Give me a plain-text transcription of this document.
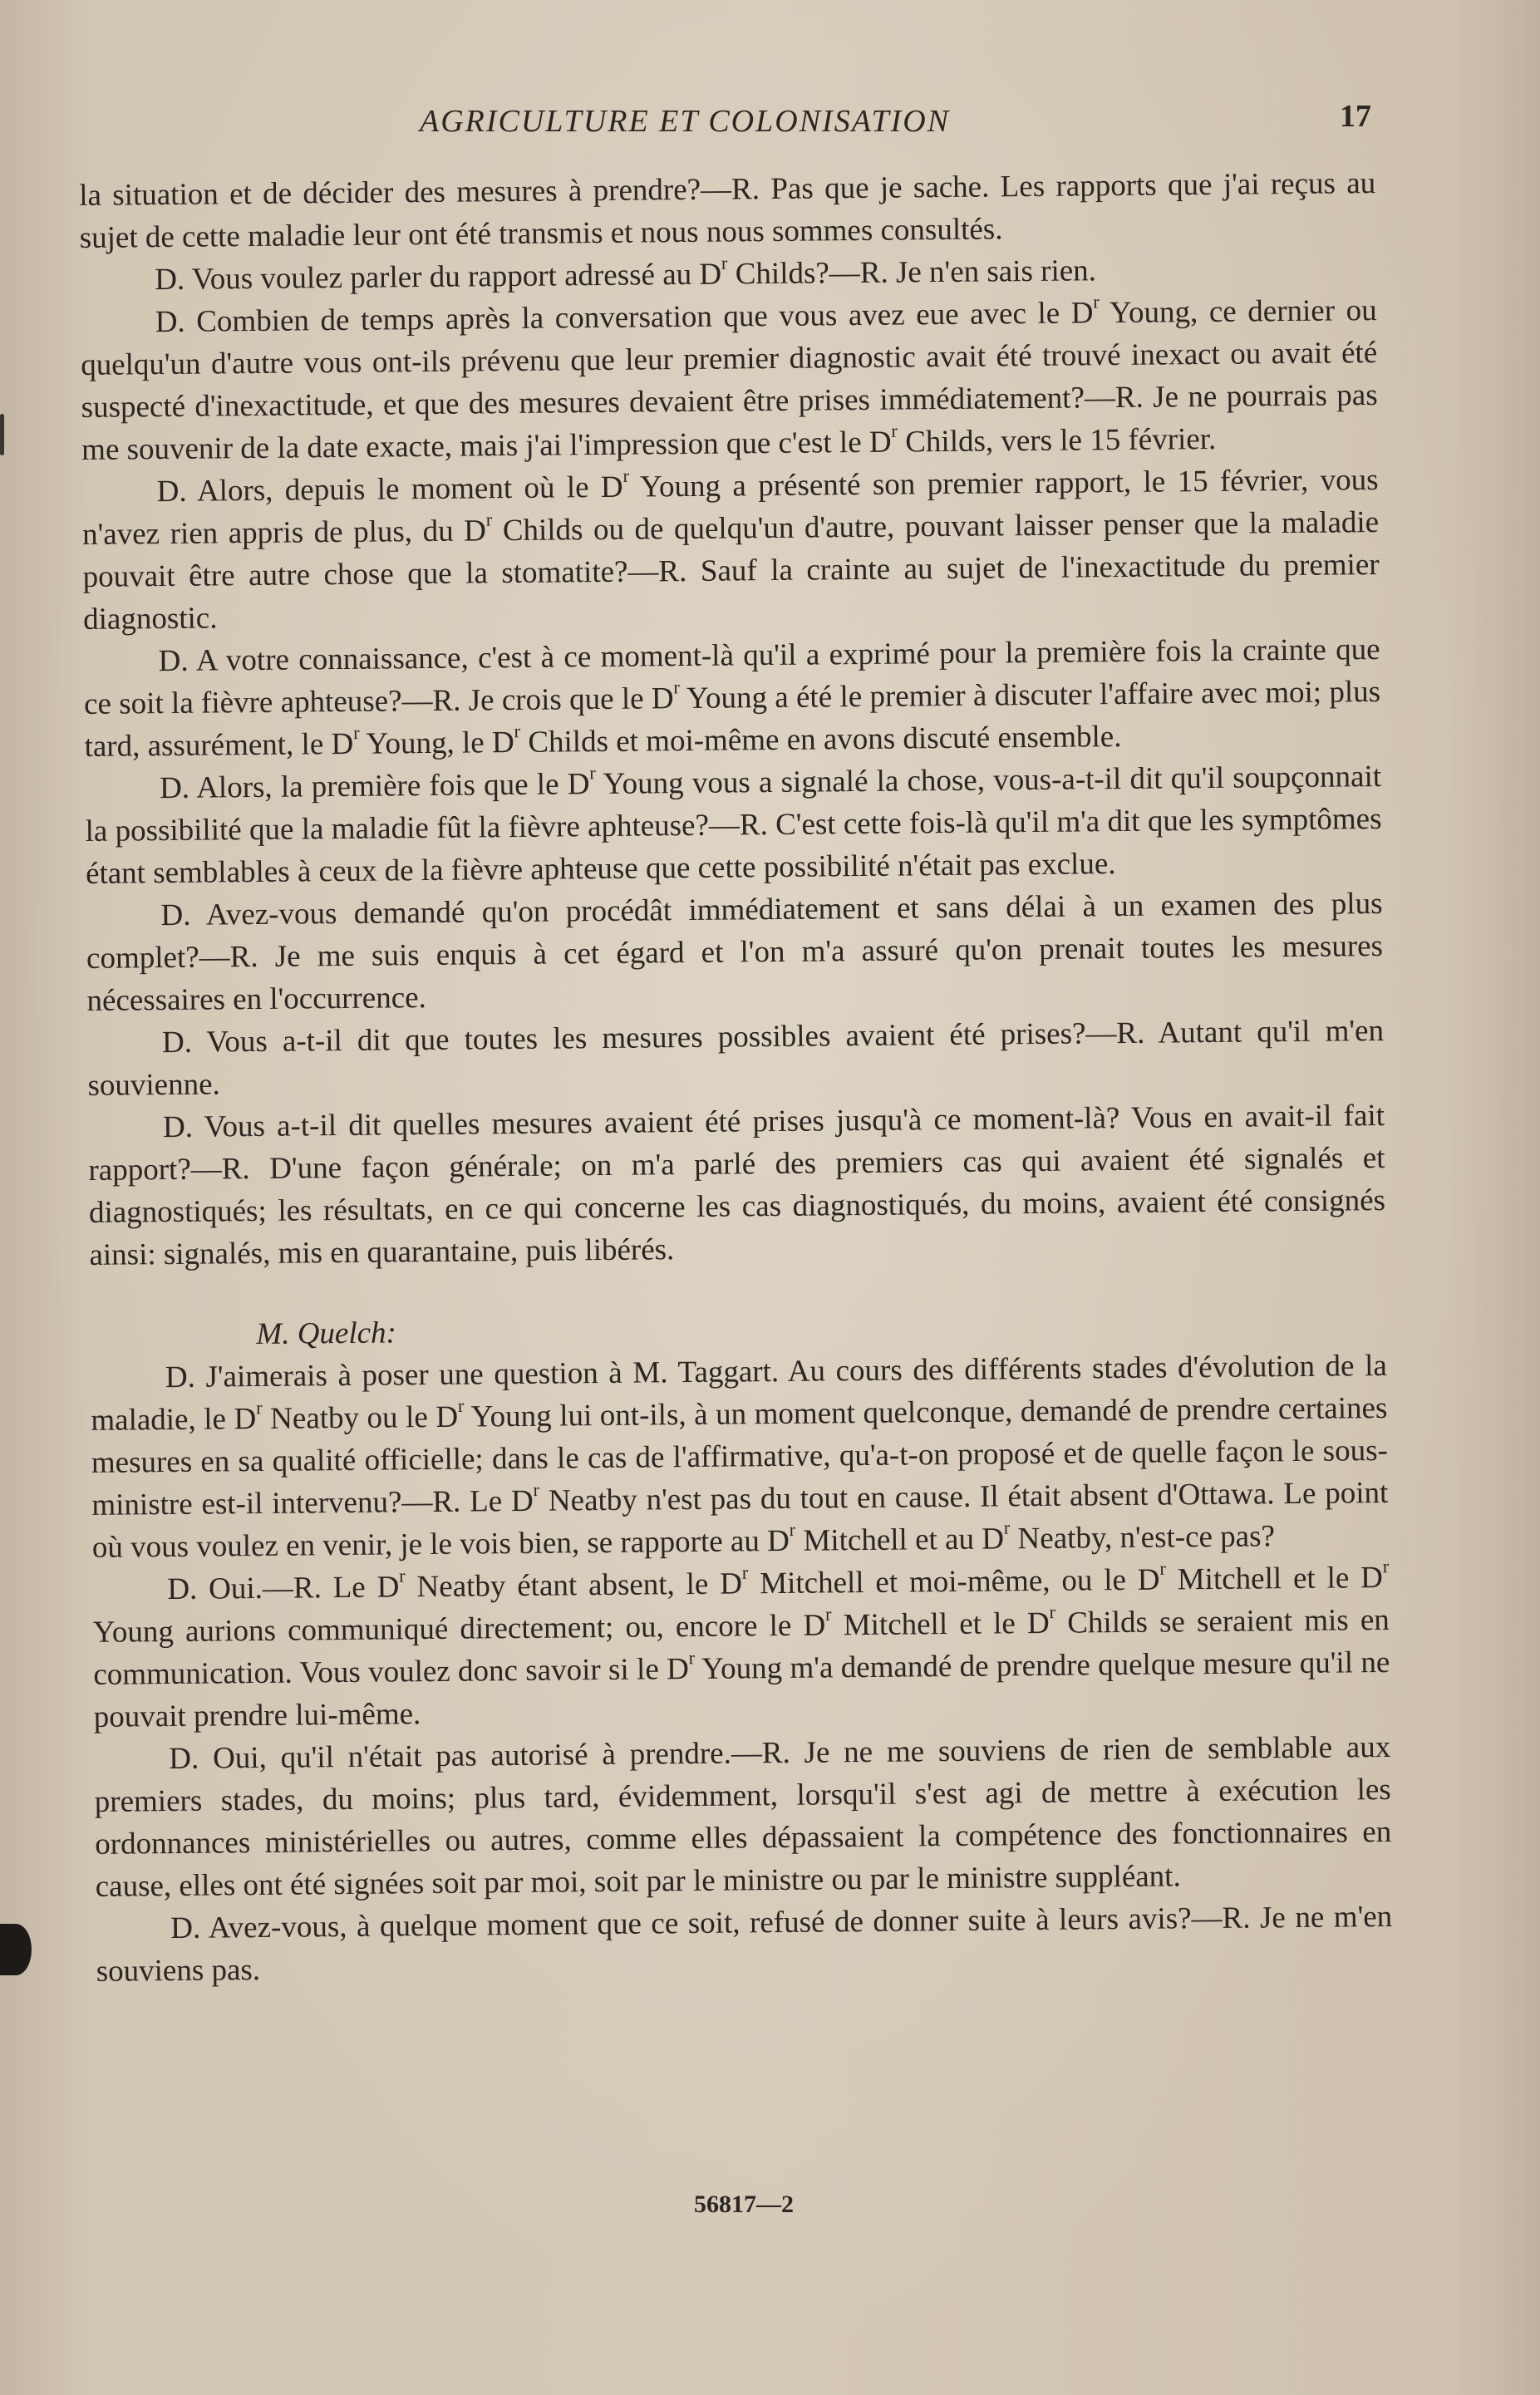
AGRICULTURE ET COLONISATION	17

la situation et de décider des mesures à prendre?—R. Pas que je sache. Les rapports que j'ai reçus au sujet de cette maladie leur ont été transmis et nous nous sommes consultés.

D. Vous voulez parler du rapport adressé au $D^r$ Childs?—R. Je n'en sais rien.

D. Combien de temps après la conversation que vous avez eue avec le $D^r$ Young, ce dernier ou quelqu'un d'autre vous ont-ils prévenu que leur premier diagnostic avait été trouvé inexact ou avait été suspecté d'inexactitude, et que des mesures devaient être prises immédiatement?—R. Je ne pourrais pas me souvenir de la date exacte, mais j'ai l'impression que c'est le $D^r$ Childs, vers le 15 février.

D. Alors, depuis le moment où le $D^r$ Young a présenté son premier rapport, le 15 février, vous n'avez rien appris de plus, du $D^r$ Childs ou de quelqu'un d'autre, pouvant laisser penser que la maladie pouvait être autre chose que la stomatite?—R. Sauf la crainte au sujet de l'inexactitude du premier diagnostic.

D. A votre connaissance, c'est à ce moment-là qu'il a exprimé pour la première fois la crainte que ce soit la fièvre aphteuse?—R. Je crois que le $D^r$ Young a été le premier à discuter l'affaire avec moi; plus tard, assurément, le $D^r$ Young, le $D^r$ Childs et moi-même en avons discuté ensemble.

D. Alors, la première fois que le $D^r$ Young vous a signalé la chose, vous-a-t-il dit qu'il soupçonnait la possibilité que la maladie fût la fièvre aphteuse?—R. C'est cette fois-là qu'il m'a dit que les symptômes étant semblables à ceux de la fièvre aphteuse que cette possibilité n'était pas exclue.

D. Avez-vous demandé qu'on procédât immédiatement et sans délai à un examen des plus complet?—R. Je me suis enquis à cet égard et l'on m'a assuré qu'on prenait toutes les mesures nécessaires en l'occurrence.

D. Vous a-t-il dit que toutes les mesures possibles avaient été prises?—R. Autant qu'il m'en souvienne.

D. Vous a-t-il dit quelles mesures avaient été prises jusqu'à ce moment-là? Vous en avait-il fait rapport?—R. D'une façon générale; on m'a parlé des premiers cas qui avaient été signalés et diagnostiqués; les résultats, en ce qui concerne les cas diagnostiqués, du moins, avaient été consignés ainsi: signalés, mis en quarantaine, puis libérés.

M. Quelch:

D. J'aimerais à poser une question à M. Taggart. Au cours des différents stades d'évolution de la maladie, le $D^r$ Neatby ou le $D^r$ Young lui ont-ils, à un moment quelconque, demandé de prendre certaines mesures en sa qualité officielle; dans le cas de l'affirmative, qu'a-t-on proposé et de quelle façon le sous-ministre est-il intervenu?—R. Le $D^r$ Neatby n'est pas du tout en cause. Il était absent d'Ottawa. Le point où vous voulez en venir, je le vois bien, se rapporte au $D^r$ Mitchell et au $D^r$ Neatby, n'est-ce pas?

D. Oui.—R. Le $D^r$ Neatby étant absent, le $D^r$ Mitchell et moi-même, ou le $D^r$ Mitchell et le $D^r$ Young aurions communiqué directement; ou, encore le $D^r$ Mitchell et le $D^r$ Childs se seraient mis en communication. Vous voulez donc savoir si le $D^r$ Young m'a demandé de prendre quelque mesure qu'il ne pouvait prendre lui-même.

D. Oui, qu'il n'était pas autorisé à prendre.—R. Je ne me souviens de rien de semblable aux premiers stades, du moins; plus tard, évidemment, lorsqu'il s'est agi de mettre à exécution les ordonnances ministérielles ou autres, comme elles dépassaient la compétence des fonctionnaires en cause, elles ont été signées soit par moi, soit par le ministre ou par le ministre suppléant.

D. Avez-vous, à quelque moment que ce soit, refusé de donner suite à leurs avis?—R. Je ne m'en souviens pas.

56817—2
